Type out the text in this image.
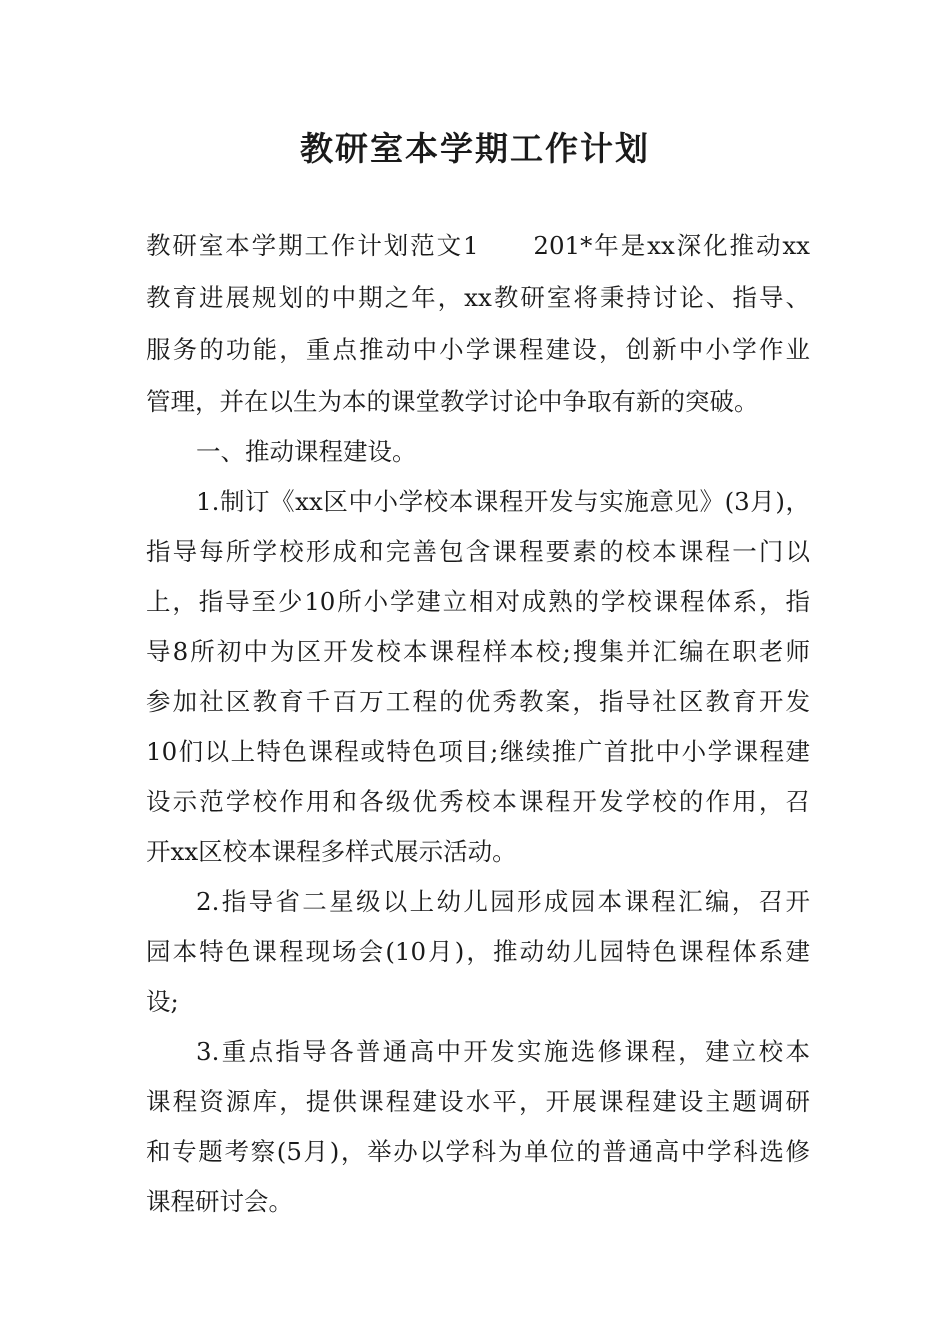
教研室本学期工作计划
教研室本学期工作计划范文1　　201*年是xx深化推动xx
教育进展规划的中期之年，xx教研室将秉持讨论、指导、
服务的功能，重点推动中小学课程建设，创新中小学作业
管理，并在以生为本的课堂教学讨论中争取有新的突破。
一、推动课程建设。
1.制订《xx区中小学校本课程开发与实施意见》(3月)，
指导每所学校形成和完善包含课程要素的校本课程一门以
上，指导至少10所小学建立相对成熟的学校课程体系，指
导8所初中为区开发校本课程样本校;搜集并汇编在职老师
参加社区教育千百万工程的优秀教案，指导社区教育开发
10们以上特色课程或特色项目;继续推广首批中小学课程建
设示范学校作用和各级优秀校本课程开发学校的作用，召
开xx区校本课程多样式展示活动。
2.指导省二星级以上幼儿园形成园本课程汇编，召开
园本特色课程现场会(10月)，推动幼儿园特色课程体系建
设;
3.重点指导各普通高中开发实施选修课程，建立校本
课程资源库，提供课程建设水平，开展课程建设主题调研
和专题考察(5月)，举办以学科为单位的普通高中学科选修
课程研讨会。
